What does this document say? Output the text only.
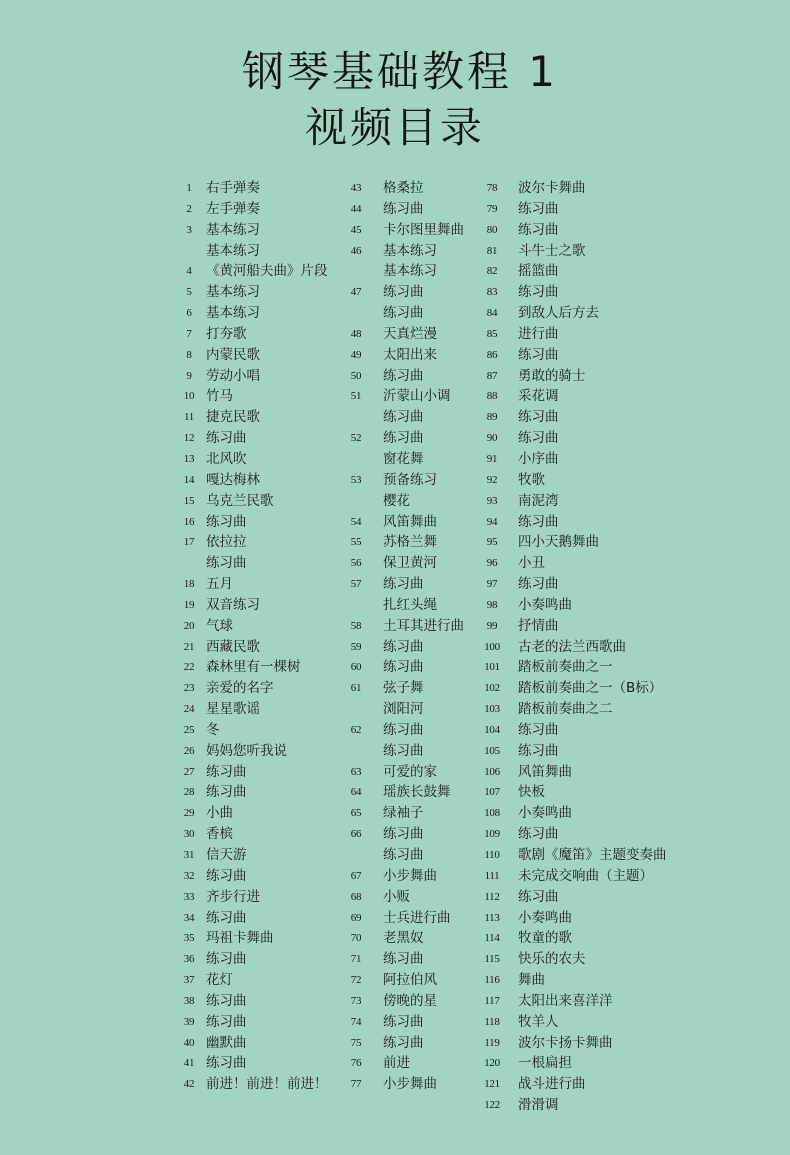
钢琴基础教程 1
视频目录
1	右手弹奏
2	左手弹奏
3	基本练习
基本练习
4	《黄河船夫曲》片段
5	基本练习
6	基本练习
7	打夯歌
8	内蒙民歌
9	劳动小唱
10 竹马
11 捷克民歌
12 练习曲
13 北风吹
14 嘎达梅林
15 乌克兰民歌
16 练习曲
17 依拉拉
练习曲
18 五月
19 双音练习
20 气球
21 西藏民歌
22 森林里有一棵树
23 亲爱的名字
24 星星歌谣
25 冬
26 妈妈您听我说
27 练习曲
28 练习曲
29 小曲
30 香槟
31 信天游
32 练习曲
33 齐步行进
34 练习曲
35 玛祖卡舞曲
36 练习曲
37 花灯
38 练习曲
39 练习曲
40 幽默曲
41 练习曲
42 前进！前进！前进！
43	格桑拉
44	练习曲
45	卡尔图里舞曲
46	基本练习
基本练习
47	练习曲
练习曲
48	天真烂漫
49	太阳出来
50	练习曲
51	沂蒙山小调
练习曲
52	练习曲
窗花舞
53	预备练习
樱花
54	风笛舞曲
55	苏格兰舞
56	保卫黄河
57	练习曲
扎红头绳
58	土耳其进行曲
59	练习曲
60	练习曲
61	弦子舞
浏阳河
62	练习曲
练习曲
63	可爱的家
64	瑶族长鼓舞
65	绿袖子
66	练习曲
练习曲
67	小步舞曲
68	小贩
69	士兵进行曲
70	老黑奴
71	练习曲
72	阿拉伯风
73	傍晚的星
74	练习曲
75	练习曲
76	前进
77	小步舞曲
78	波尔卡舞曲
79	练习曲
80	练习曲
81	斗牛士之歌
82	摇篮曲
83	练习曲
84	到敌人后方去
85	进行曲
86	练习曲
87	勇敢的骑士
88	采花调
89	练习曲
90	练习曲
91	小序曲
92	牧歌
93	南泥湾
94	练习曲
95	四小天鹅舞曲
96	小丑
97	练习曲
98	小奏鸣曲
99	抒情曲
100	古老的法兰西歌曲
101	踏板前奏曲之一
102	踏板前奏曲之一（B标）
103	踏板前奏曲之二
104	练习曲
105	练习曲
106	风笛舞曲
107	快板
108	小奏鸣曲
109	练习曲
110	歌剧《魔笛》主题变奏曲
111	未完成交响曲（主题）
112	练习曲
113	小奏鸣曲
114	牧童的歌
115	快乐的农夫
116	舞曲
117	太阳出来喜洋洋
118	牧羊人
119	波尔卡扬卡舞曲
120	一根扁担
121	战斗进行曲
122	滑滑调
